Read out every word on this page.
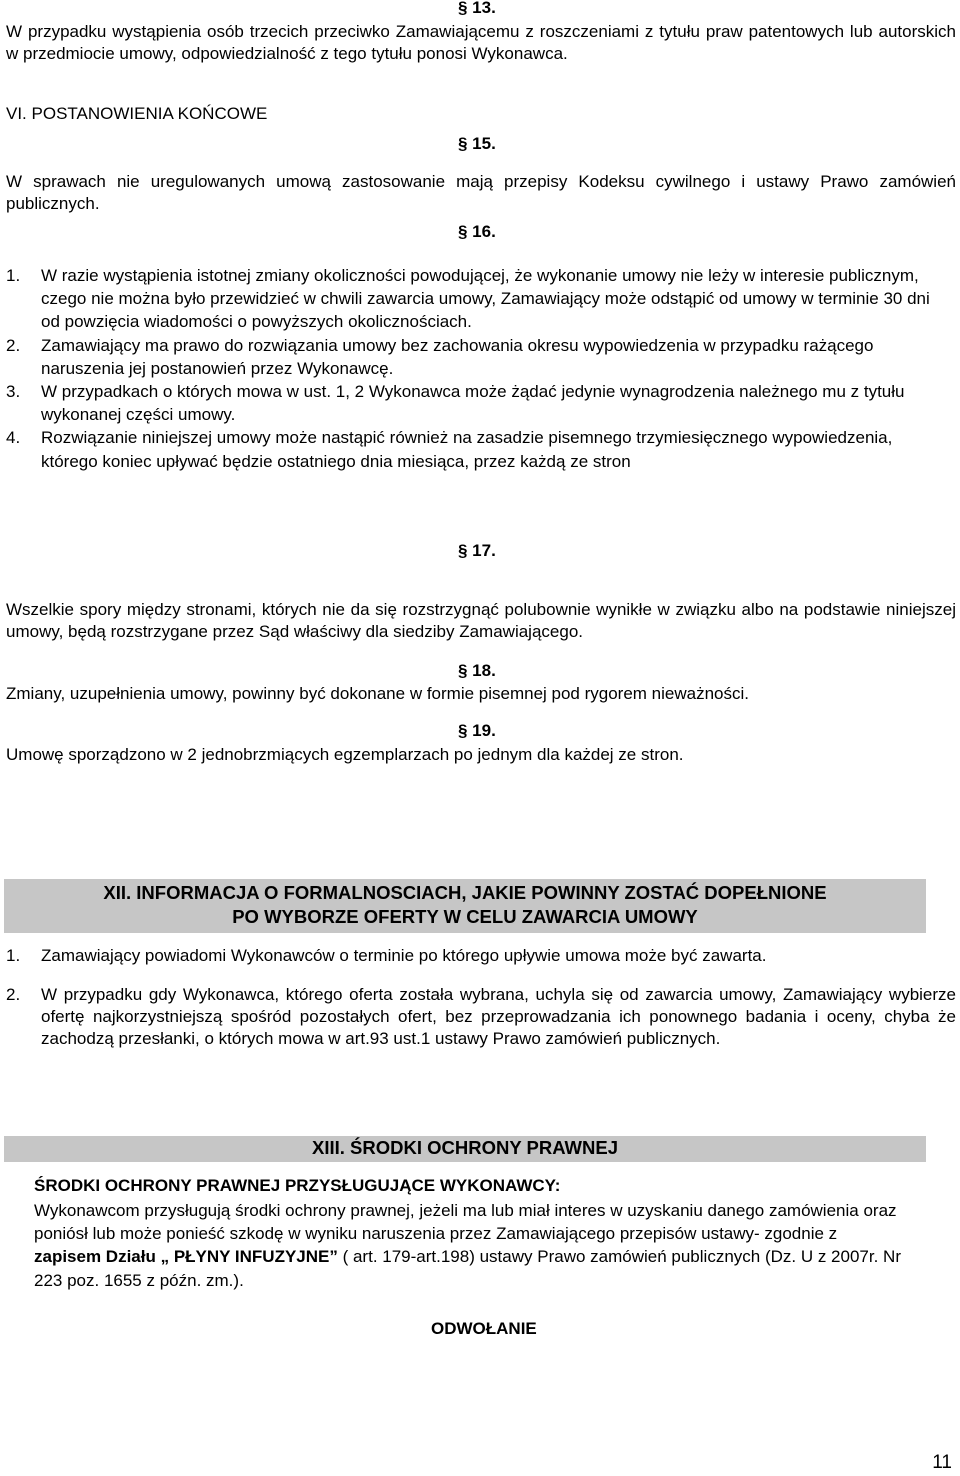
§ 13.

W przypadku wystąpienia osób trzecich przeciwko Zamawiającemu z roszczeniami z tytułu praw patentowych lub autorskich w przedmiocie umowy, odpowiedzialność z tego tytułu ponosi Wykonawca.

VI. POSTANOWIENIA KOŃCOWE
§ 15.

W sprawach nie uregulowanych umową zastosowanie mają przepisy Kodeksu cywilnego i ustawy Prawo zamówień publicznych.

§ 16.
1. W razie wystąpienia istotnej zmiany okoliczności powodującej, że wykonanie umowy nie leży w interesie publicznym, czego nie można było przewidzieć w chwili zawarcia umowy, Zamawiający może odstąpić od umowy w terminie 30 dni od powzięcia wiadomości o powyższych okolicznościach.
2. Zamawiający ma prawo do rozwiązania umowy bez zachowania okresu wypowiedzenia w przypadku rażącego naruszenia jej postanowień przez Wykonawcę.
3. W przypadkach o których mowa w ust. 1, 2 Wykonawca może żądać jedynie wynagrodzenia należnego mu z tytułu wykonanej części umowy.
4. Rozwiązanie niniejszej umowy może nastąpić również na zasadzie pisemnego trzymiesięcznego wypowiedzenia, którego koniec upływać będzie ostatniego dnia miesiąca, przez każdą ze stron
§ 17.

Wszelkie spory między stronami, których nie da się rozstrzygnąć polubownie wynikłe w związku albo na podstawie niniejszej umowy, będą rozstrzygane przez Sąd właściwy dla siedziby Zamawiającego.

§ 18.

Zmiany, uzupełnienia umowy, powinny być dokonane w formie pisemnej pod rygorem nieważności.

§ 19.

Umowę sporządzono w 2 jednobrzmiących egzemplarzach po jednym dla każdej ze stron.

XII. INFORMACJA O FORMALNOSCIACH, JAKIE POWINNY ZOSTAĆ DOPEŁNIONE
PO WYBORZE OFERTY W CELU ZAWARCIA UMOWY
1. Zamawiający powiadomi Wykonawców o terminie po którego upływie umowa może być zawarta.
2. W przypadku gdy Wykonawca, którego oferta została wybrana, uchyla się od zawarcia umowy, Zamawiający wybierze ofertę najkorzystniejszą spośród pozostałych ofert, bez przeprowadzania ich ponownego badania i oceny, chyba że zachodzą przesłanki, o których mowa w art.93 ust.1 ustawy Prawo zamówień publicznych.
XIII. ŚRODKI OCHRONY PRAWNEJ
ŚRODKI OCHRONY PRAWNEJ PRZYSŁUGUJĄCE WYKONAWCY:

Wykonawcom przysługują środki ochrony prawnej, jeżeli ma lub miał interes w uzyskaniu danego zamówienia oraz poniósł lub może ponieść szkodę w wyniku naruszenia przez Zamawiającego przepisów ustawy- zgodnie z zapisem Działu „ PŁYNY INFUZYJNE” ( art. 179-art.198) ustawy Prawo zamówień publicznych (Dz. U z 2007r. Nr 223 poz. 1655 z późn. zm.).

ODWOŁANIE
11
